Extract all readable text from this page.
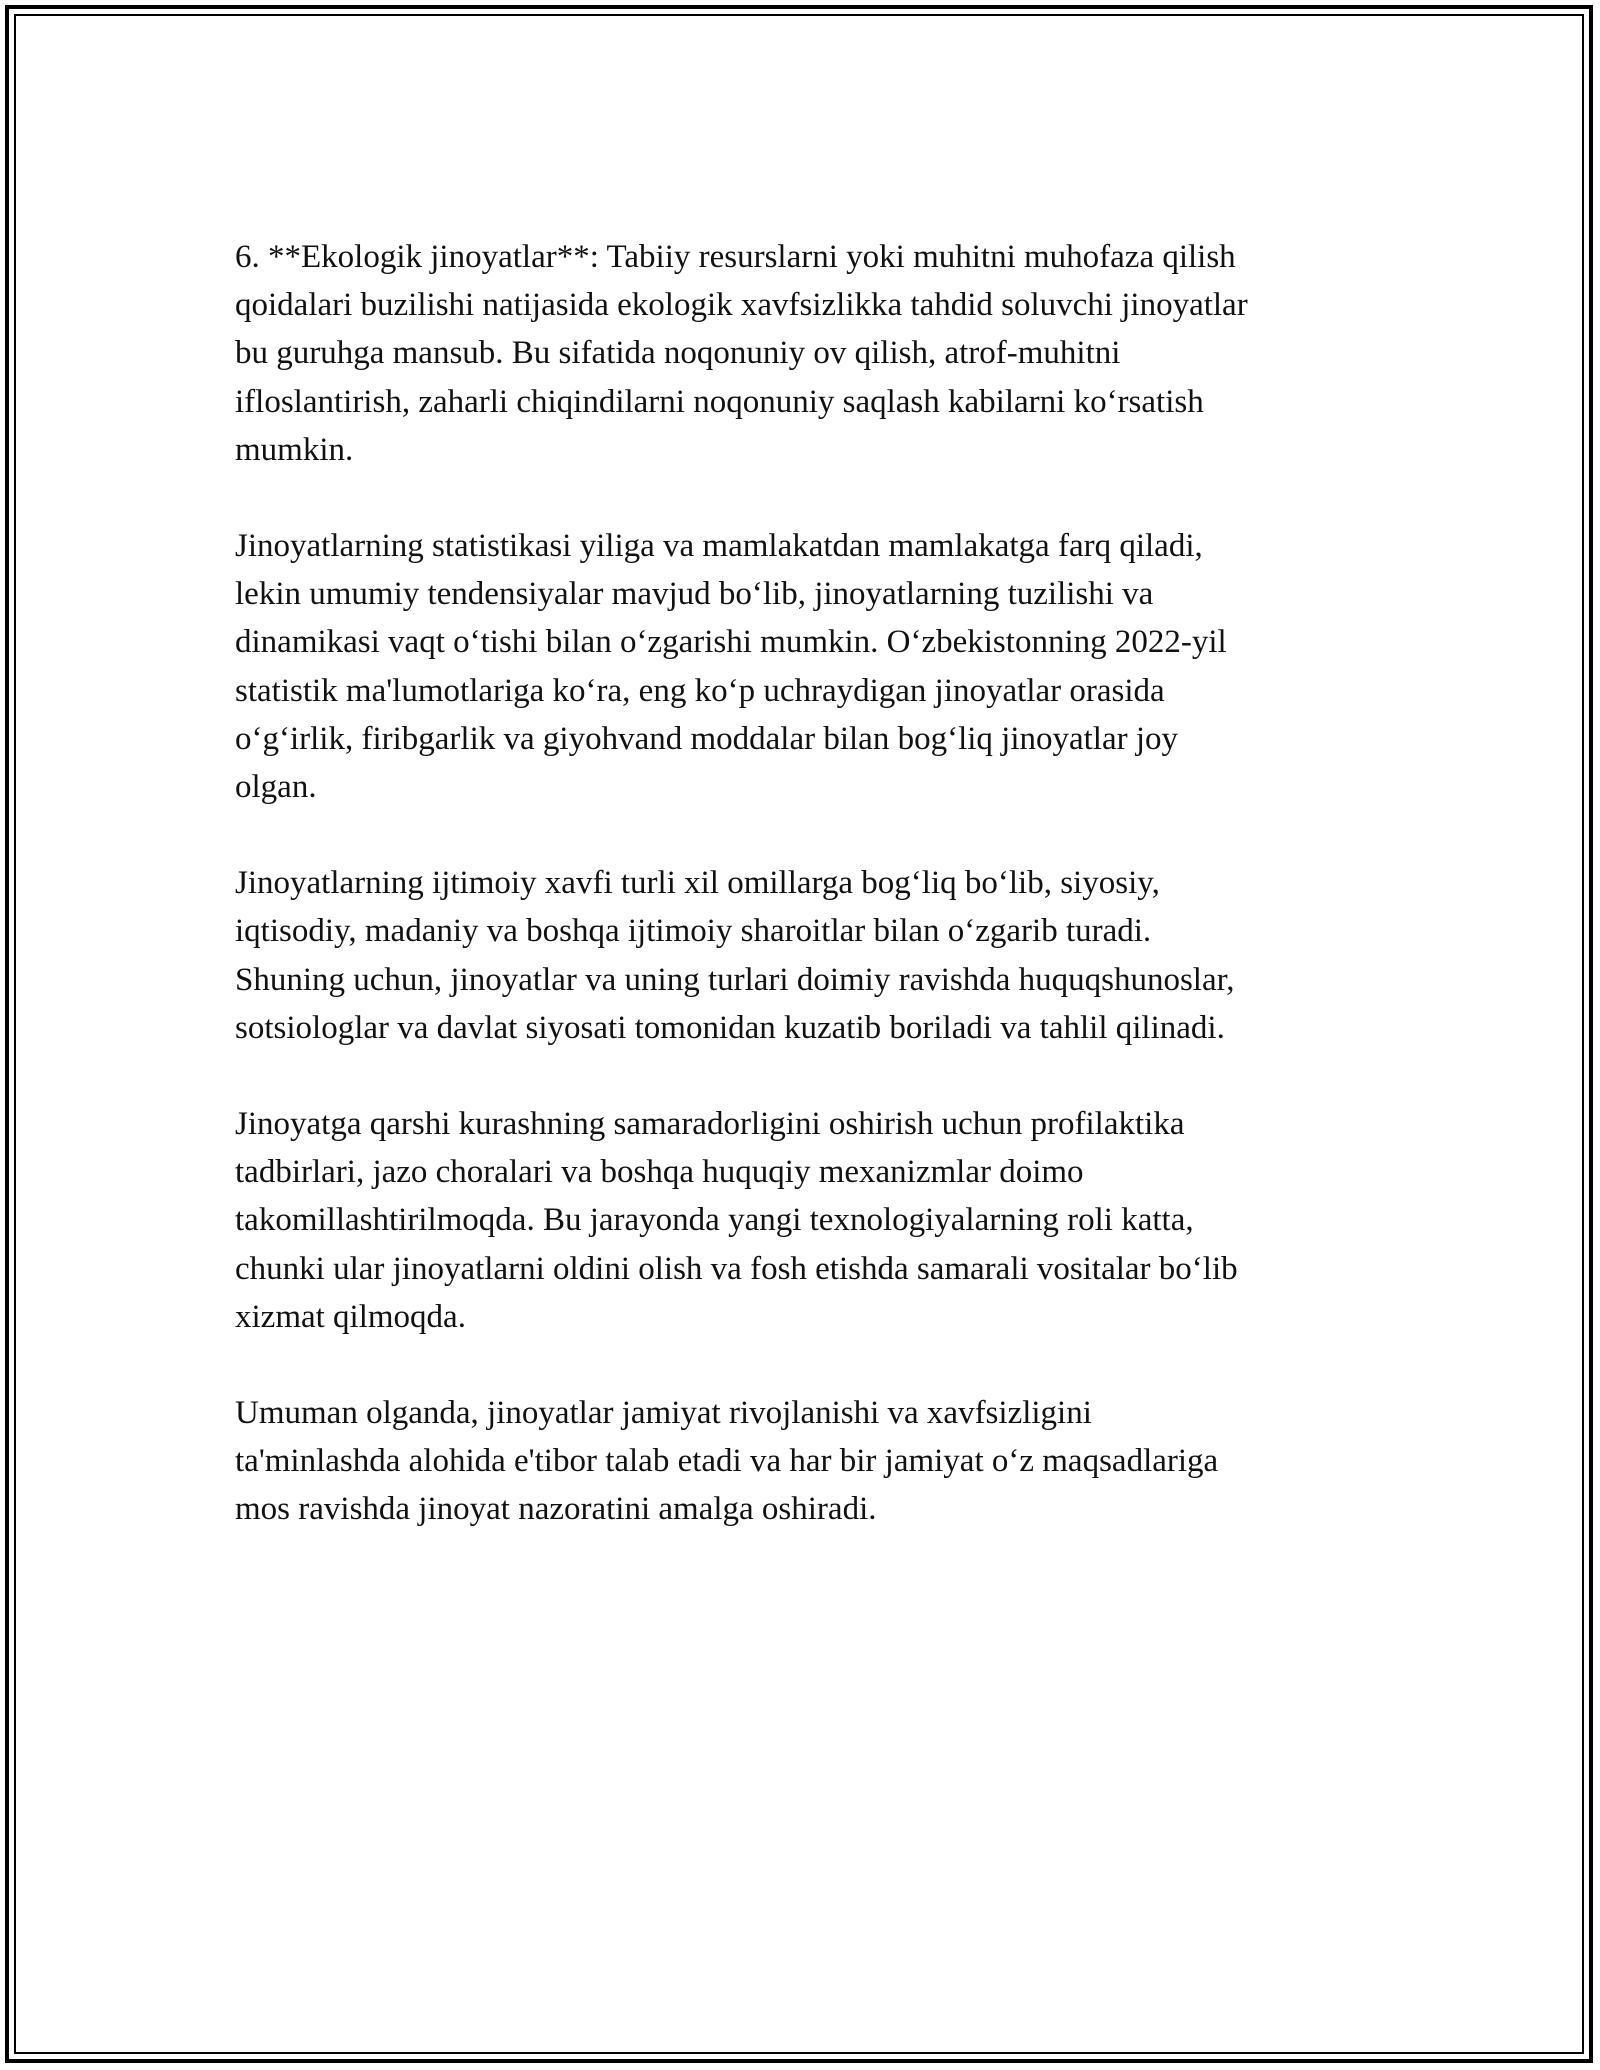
6. **Ekologik jinoyatlar**: Tabiiy resurslarni yoki muhitni muhofaza qilish
qoidalari buzilishi natijasida ekologik xavfsizlikka tahdid soluvchi jinoyatlar
bu guruhga mansub. Bu sifatida noqonuniy ov qilish, atrof-muhitni
ifloslantirish, zaharli chiqindilarni noqonuniy saqlash kabilarni koʻrsatish
mumkin.

Jinoyatlarning statistikasi yiliga va mamlakatdan mamlakatga farq qiladi,
lekin umumiy tendensiyalar mavjud boʻlib, jinoyatlarning tuzilishi va
dinamikasi vaqt oʻtishi bilan oʻzgarishi mumkin. Oʻzbekistonning 2022-yil
statistik ma'lumotlariga koʻra, eng koʻp uchraydigan jinoyatlar orasida
oʻgʻirlik, firibgarlik va giyohvand moddalar bilan bogʻliq jinoyatlar joy
olgan.

Jinoyatlarning ijtimoiy xavfi turli xil omillarga bogʻliq boʻlib, siyosiy,
iqtisodiy, madaniy va boshqa ijtimoiy sharoitlar bilan oʻzgarib turadi.
Shuning uchun, jinoyatlar va uning turlari doimiy ravishda huquqshunoslar,
sotsiologlar va davlat siyosati tomonidan kuzatib boriladi va tahlil qilinadi.

Jinoyatga qarshi kurashning samaradorligini oshirish uchun profilaktika
tadbirlari, jazo choralari va boshqa huquqiy mexanizmlar doimo
takomillashtirilmoqda. Bu jarayonda yangi texnologiyalarning roli katta,
chunki ular jinoyatlarni oldini olish va fosh etishda samarali vositalar boʻlib
xizmat qilmoqda.

Umuman olganda, jinoyatlar jamiyat rivojlanishi va xavfsizligini
ta'minlashda alohida e'tibor talab etadi va har bir jamiyat oʻz maqsadlariga
mos ravishda jinoyat nazoratini amalga oshiradi.
